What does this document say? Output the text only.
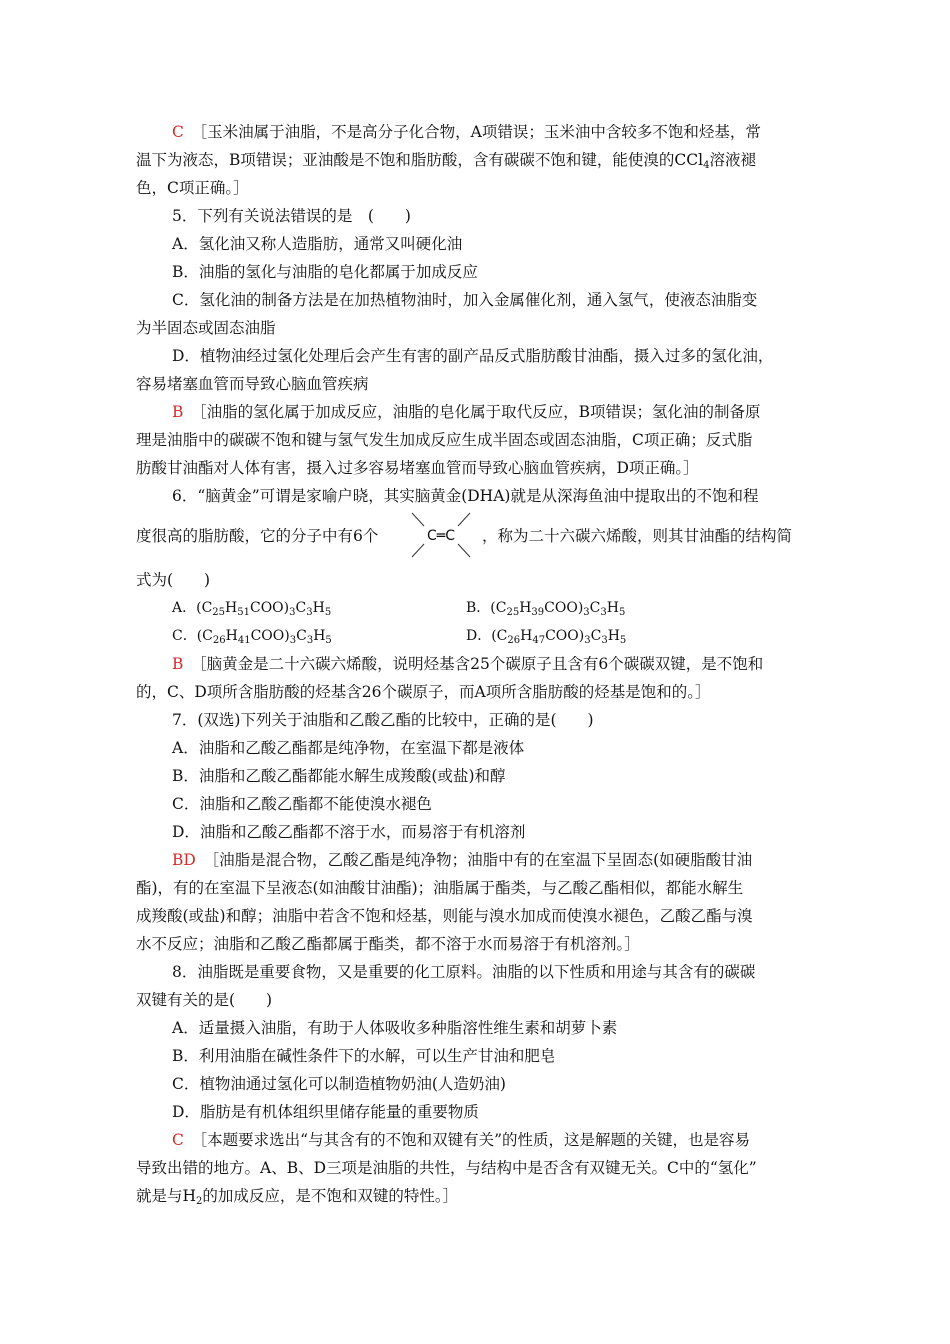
C　 ［玉米油属于油脂，不是高分子化合物，A项错误；玉米油中含较多不饱和烃基，常
温下为液态，B项错误；亚油酸是不饱和脂肪酸，含有碳碳不饱和键，能使溴的CCl$_4$溶液褪
色，C项正确。］
5．下列有关说法错误的是　(　　)
A．氢化油又称人造脂肪，通常又叫硬化油
B．油脂的氢化与油脂的皂化都属于加成反应
C．氢化油的制备方法是在加热植物油时，加入金属催化剂，通入氢气，使液态油脂变
为半固态或固态油脂
D．植物油经过氢化处理后会产生有害的副产品反式脂肪酸甘油酯，摄入过多的氢化油，
容易堵塞血管而导致心脑血管疾病
B　 ［油脂的氢化属于加成反应，油脂的皂化属于取代反应，B项错误；氢化油的制备原
理是油脂中的碳碳不饱和键与氢气发生加成反应生成半固态或固态油脂，C项正确；反式脂
肪酸甘油酯对人体有害，摄入过多容易堵塞血管而导致心脑血管疾病，D项正确。］
6．“脑黄金”可谓是家喻户晓，其实脑黄金(DHA)就是从深海鱼油中提取出的不饱和程
度很高的脂肪酸，它的分子中有6个	C═C ，称为二十六碳六烯酸，则其甘油酯的结构简
式为(　　)
A．$(C_{25}H_{51}COO)_3C_3H_5$	B．$(C_{25}H_{39}COO)_3C_3H_5$
C．$(C_{26}H_{41}COO)_3C_3H_5$	D．$(C_{26}H_{47}COO)_3C_3H_5$
B　 ［脑黄金是二十六碳六烯酸，说明烃基含25个碳原子且含有6个碳碳双键，是不饱和
的，C、D项所含脂肪酸的烃基含26个碳原子，而A项所含脂肪酸的烃基是饱和的。］
7．(双选)下列关于油脂和乙酸乙酯的比较中，正确的是(　　)
A．油脂和乙酸乙酯都是纯净物，在室温下都是液体
B．油脂和乙酸乙酯都能水解生成羧酸(或盐)和醇
C．油脂和乙酸乙酯都不能使溴水褪色
D．油脂和乙酸乙酯都不溶于水，而易溶于有机溶剂
BD　 ［油脂是混合物，乙酸乙酯是纯净物；油脂中有的在室温下呈固态(如硬脂酸甘油
酯)，有的在室温下呈液态(如油酸甘油酯)；油脂属于酯类，与乙酸乙酯相似，都能水解生
成羧酸(或盐)和醇；油脂中若含不饱和烃基，则能与溴水加成而使溴水褪色，乙酸乙酯与溴
水不反应；油脂和乙酸乙酯都属于酯类，都不溶于水而易溶于有机溶剂。］
8．油脂既是重要食物，又是重要的化工原料。油脂的以下性质和用途与其含有的碳碳
双键有关的是(　　)
A．适量摄入油脂，有助于人体吸收多种脂溶性维生素和胡萝卜素
B．利用油脂在碱性条件下的水解，可以生产甘油和肥皂
C．植物油通过氢化可以制造植物奶油(人造奶油)
D．脂肪是有机体组织里储存能量的重要物质
C　 ［本题要求选出“与其含有的不饱和双键有关”的性质，这是解题的关键，也是容易
导致出错的地方。A、B、D三项是油脂的共性，与结构中是否含有双键无关。C中的“氢化”
就是与$H_2$的加成反应，是不饱和双键的特性。］
